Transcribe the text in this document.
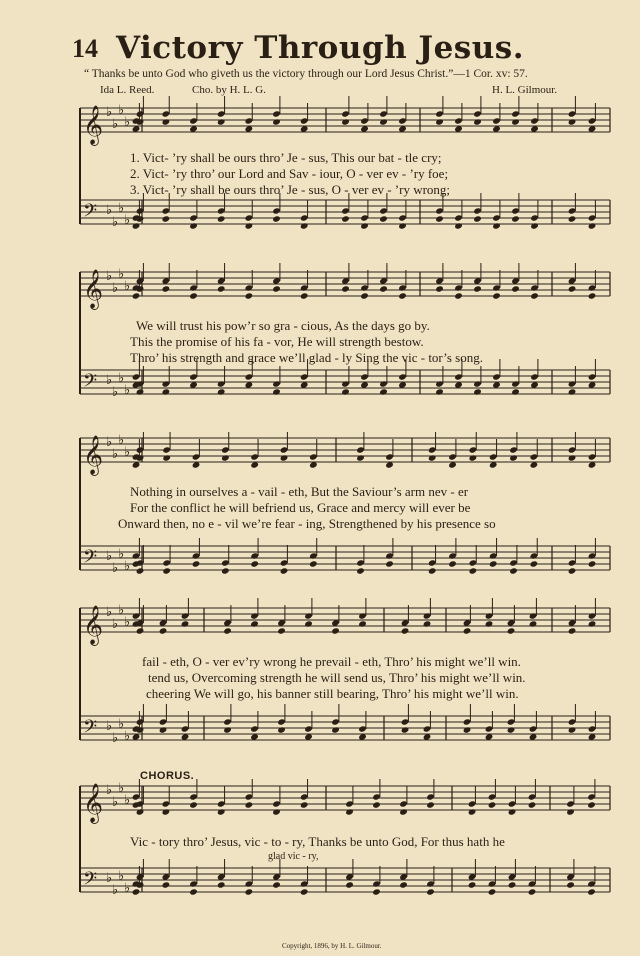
𝄞 ♭
♭
♭
♭
𝄢 ♭
♭
♭
♭
𝄞 ♭
♭
♭
♭
𝄢 ♭
♭
♭
♭
𝄞 ♭
♭
♭
♭
𝄢 ♭
♭
♭
♭
𝄞 ♭
♭
♭
♭
𝄢 ♭
♭
♭
♭
𝄞 ♭
♭
♭
♭
𝄢 ♭
♭
♭
♭
14 Victory Through Jesus.
“ Thanks be unto God who giveth us the victory through our Lord Jesus Christ.”—1 Cor. xv: 57.
Ida L. Reed.	Cho. by H. L. G.	H. L. Gilmour.
1. Vict- ’ry shall be ours thro’ Je - sus, This our bat - tle cry;
2. Vict- ’ry thro’ our Lord and Sav - iour, O - ver ev - ’ry foe;
3. Vict- ’ry shall be ours thro’ Je - sus, O - ver ev - ’ry wrong;
We will trust his pow’r so gra - cious, As the days go by.
This the promise of his fa - vor, He will strength bestow.
Thro’ his strength and grace we’ll glad - ly Sing the vic - tor’s song.
Nothing in ourselves a - vail - eth, But the Saviour’s arm nev - er
For the conflict he will befriend us, Grace and mercy will ever be
Onward then, no e - vil we’re fear - ing, Strengthened by his presence so
fail - eth, O - ver ev’ry wrong he prevail - eth, Thro’ his might we’ll win.
tend us, Overcoming strength he will send us, Thro’ his might we’ll win.
cheering We will go, his banner still bearing, Thro’ his might we’ll win.
CHORUS.
Vic - tory thro’ Jesus, vic - to - ry, Thanks be unto God, For thus hath he
glad vic - ry,
Copyright, 1896, by H. L. Gilmour.
